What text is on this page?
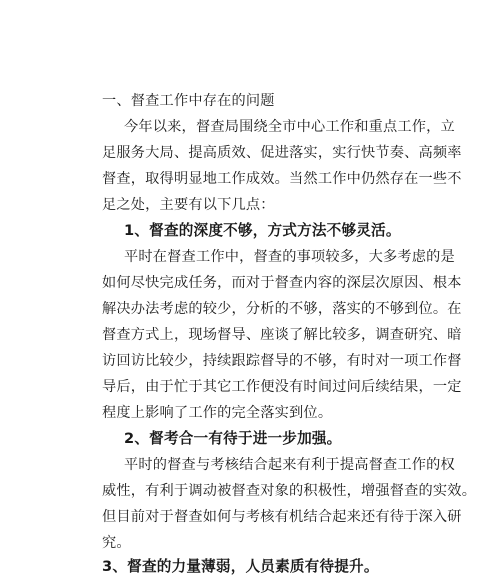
一、督查工作中存在的问题
今年以来，督查局围绕全市中心工作和重点工作，立
足服务大局、提高质效、促进落实，实行快节奏、高频率
督查，取得明显地工作成效。当然工作中仍然存在一些不
足之处，主要有以下几点：
1、督查的深度不够，方式方法不够灵活。
平时在督查工作中，督查的事项较多，大多考虑的是
如何尽快完成任务，而对于督查内容的深层次原因、根本
解决办法考虑的较少，分析的不够，落实的不够到位。在
督查方式上，现场督导、座谈了解比较多，调查研究、暗
访回访比较少，持续跟踪督导的不够，有时对一项工作督
导后，由于忙于其它工作便没有时间过问后续结果，一定
程度上影响了工作的完全落实到位。
2、督考合一有待于进一步加强。
平时的督查与考核结合起来有利于提高督查工作的权
威性，有利于调动被督查对象的积极性，增强督查的实效。
但目前对于督查如何与考核有机结合起来还有待于深入研
究。
3、督查的力量薄弱，人员素质有待提升。
